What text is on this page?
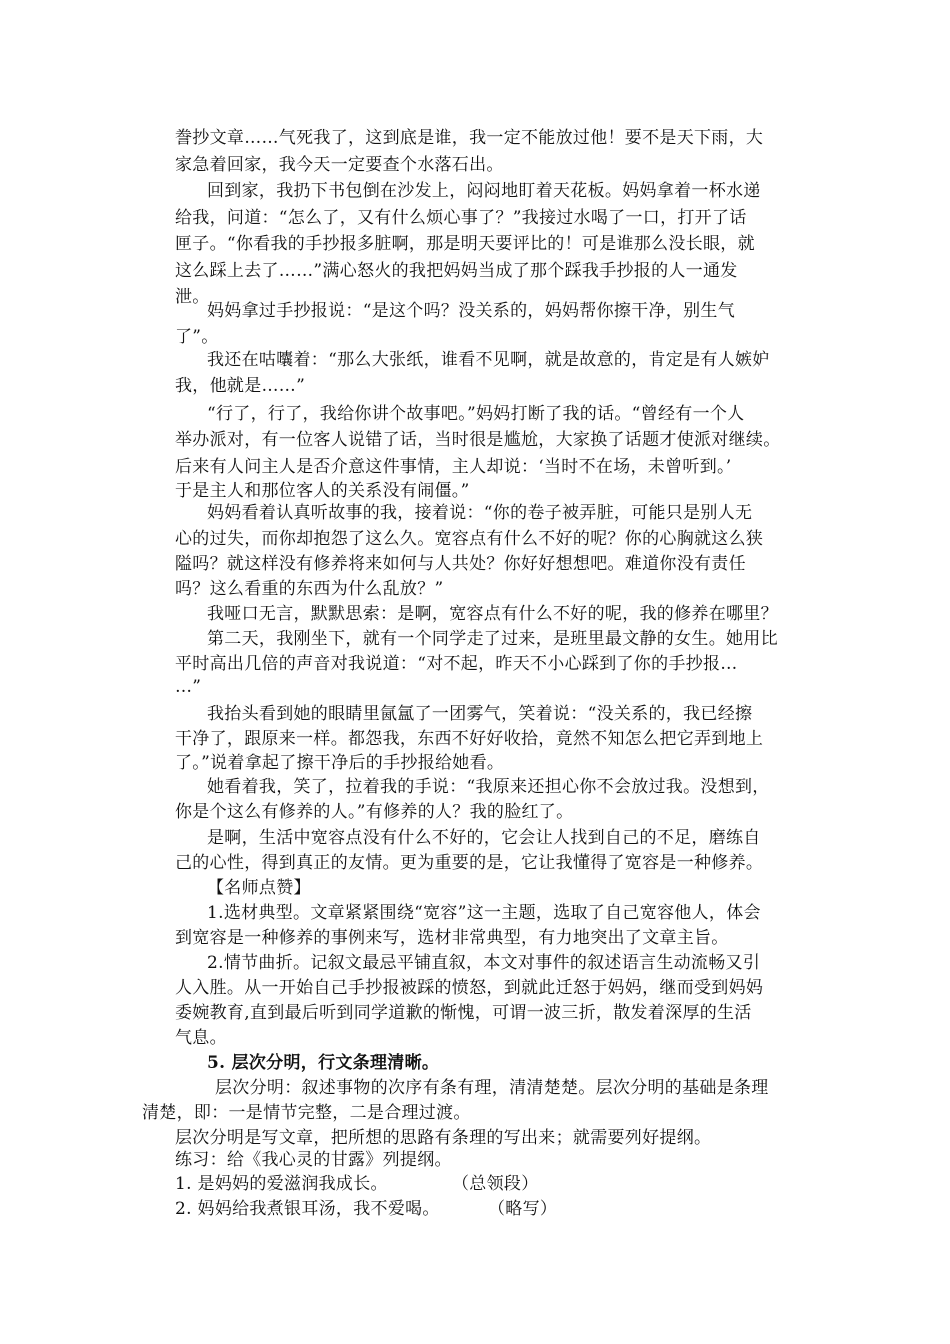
誊抄文章……气死我了，这到底是谁，我一定不能放过他！要不是天下雨，大
家急着回家，我今天一定要查个水落石出。
回到家，我扔下书包倒在沙发上，闷闷地盯着天花板。妈妈拿着一杯水递
给我，问道：“怎么了，又有什么烦心事了？”我接过水喝了一口，打开了话
匣子。“你看我的手抄报多脏啊，那是明天要评比的！可是谁那么没长眼，就
这么踩上去了……”满心怒火的我把妈妈当成了那个踩我手抄报的人一通发
泄。
妈妈拿过手抄报说：“是这个吗？没关系的，妈妈帮你擦干净，别生气
了”。
我还在咕囔着：“那么大张纸，谁看不见啊，就是故意的，肯定是有人嫉妒
我，他就是……”
“行了，行了，我给你讲个故事吧。”妈妈打断了我的话。“曾经有一个人
举办派对，有一位客人说错了话，当时很是尴尬，大家换了话题才使派对继续。
后来有人问主人是否介意这件事情，主人却说：‘当时不在场，未曾听到。’
于是主人和那位客人的关系没有闹僵。”
妈妈看着认真听故事的我，接着说：“你的卷子被弄脏，可能只是别人无
心的过失，而你却抱怨了这么久。宽容点有什么不好的呢？你的心胸就这么狭
隘吗？就这样没有修养将来如何与人共处？你好好想想吧。难道你没有责任
吗？这么看重的东西为什么乱放？”
我哑口无言，默默思索：是啊，宽容点有什么不好的呢，我的修养在哪里？
第二天，我刚坐下，就有一个同学走了过来，是班里最文静的女生。她用比
平时高出几倍的声音对我说道：“对不起，昨天不小心踩到了你的手抄报…
…”
我抬头看到她的眼睛里氤氲了一团雾气，笑着说：“没关系的，我已经擦
干净了，跟原来一样。都怨我，东西不好好收拾，竟然不知怎么把它弄到地上
了。”说着拿起了擦干净后的手抄报给她看。
她看着我，笑了，拉着我的手说：“我原来还担心你不会放过我。没想到，
你是个这么有修养的人。”有修养的人？我的脸红了。
是啊，生活中宽容点没有什么不好的，它会让人找到自己的不足，磨练自
己的心性，得到真正的友情。更为重要的是，它让我懂得了宽容是一种修养。
【名师点赞】
1.选材典型。文章紧紧围绕“宽容”这一主题，选取了自己宽容他人，体会
到宽容是一种修养的事例来写，选材非常典型，有力地突出了文章主旨。
2.情节曲折。记叙文最忌平铺直叙，本文对事件的叙述语言生动流畅又引
人入胜。从一开始自己手抄报被踩的愤怒，到就此迁怒于妈妈，继而受到妈妈
委婉教育,直到最后听到同学道歉的惭愧，可谓一波三折，散发着深厚的生活
气息。
5. 层次分明，行文条理清晰。
层次分明：叙述事物的次序有条有理，清清楚楚。层次分明的基础是条理
清楚，即：一是情节完整，二是合理过渡。
层次分明是写文章，把所想的思路有条理的写出来；就需要列好提纲。
练习：给《我心灵的甘露》列提纲。
1. 是妈妈的爱滋润我成长。	（总领段）
2. 妈妈给我煮银耳汤，我不爱喝。	（略写）
